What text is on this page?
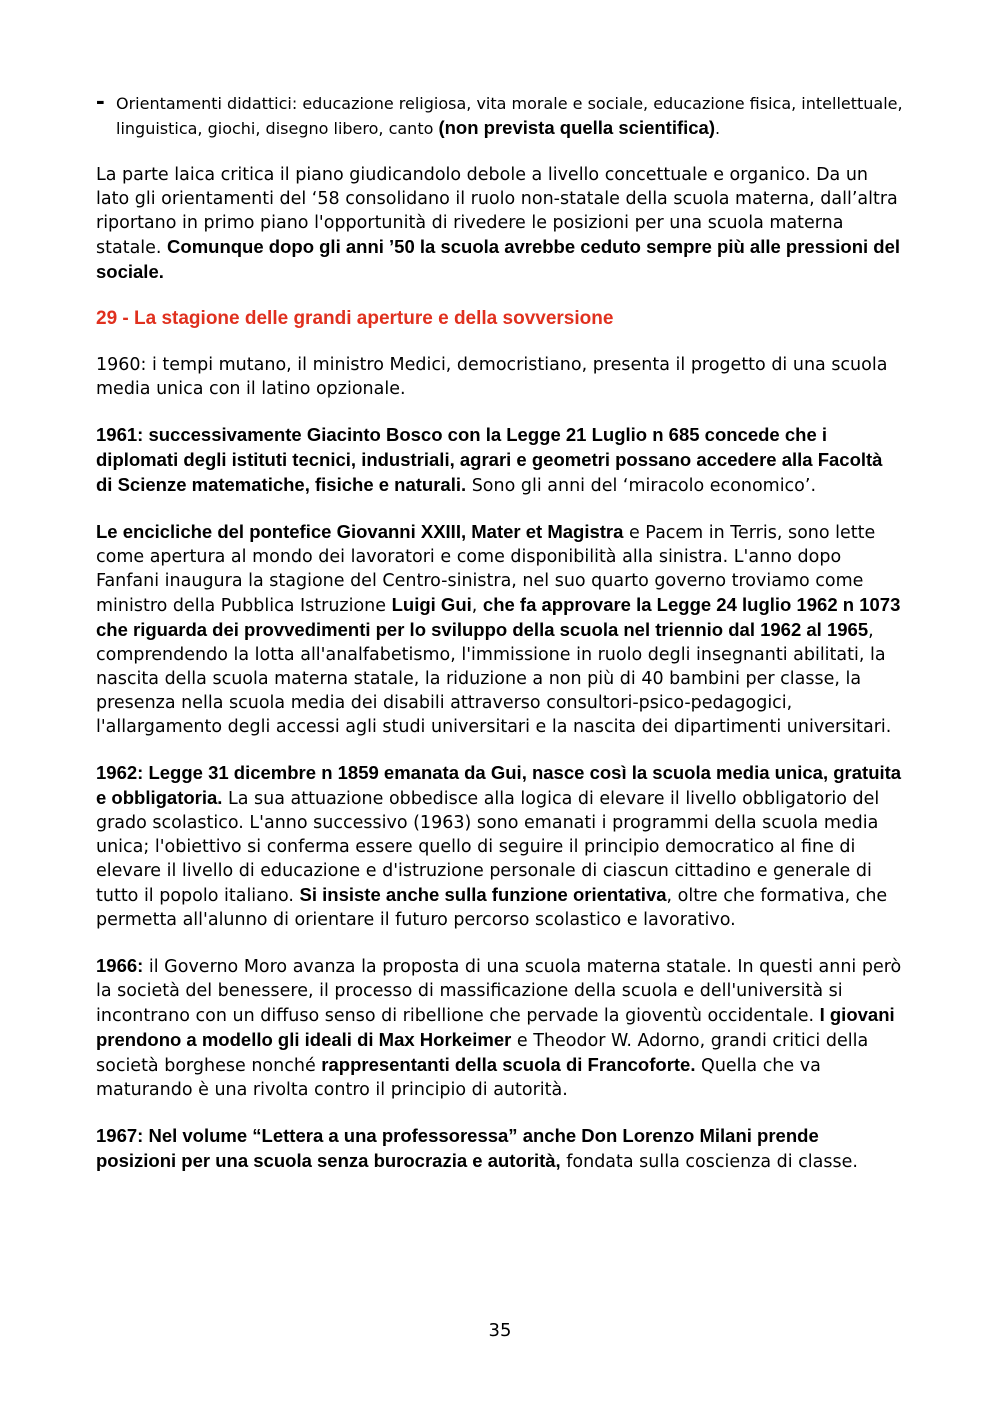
- Orientamenti didattici: educazione religiosa, vita morale e sociale, educazione fisica, intellettuale, linguistica, giochi, disegno libero, canto (non prevista quella scientifica).

La parte laica critica il piano giudicandolo debole a livello concettuale e organico. Da un lato gli orientamenti del ‘58 consolidano il ruolo non-statale della scuola materna, dall’altra riportano in primo piano l'opportunità di rivedere le posizioni per una scuola materna statale. Comunque dopo gli anni ’50 la scuola avrebbe ceduto sempre più alle pressioni del sociale.

29 - La stagione delle grandi aperture e della sovversione

1960: i tempi mutano, il ministro Medici, democristiano, presenta il progetto di una scuola media unica con il latino opzionale.

1961: successivamente Giacinto Bosco con la Legge 21 Luglio n 685 concede che i diplomati degli istituti tecnici, industriali, agrari e geometri possano accedere alla Facoltà di Scienze matematiche, fisiche e naturali. Sono gli anni del ‘miracolo economico’.

Le encicliche del pontefice Giovanni XXIII, Mater et Magistra e Pacem in Terris, sono lette come apertura al mondo dei lavoratori e come disponibilità alla sinistra. L'anno dopo Fanfani inaugura la stagione del Centro-sinistra, nel suo quarto governo troviamo come ministro della Pubblica Istruzione Luigi Gui, che fa approvare la Legge 24 luglio 1962 n 1073 che riguarda dei provvedimenti per lo sviluppo della scuola nel triennio dal 1962 al 1965, comprendendo la lotta all'analfabetismo, l'immissione in ruolo degli insegnanti abilitati, la nascita della scuola materna statale, la riduzione a non più di 40 bambini per classe, la presenza nella scuola media dei disabili attraverso consultori-psico-pedagogici, l'allargamento degli accessi agli studi universitari e la nascita dei dipartimenti universitari.

1962: Legge 31 dicembre n 1859 emanata da Gui, nasce così la scuola media unica, gratuita e obbligatoria. La sua attuazione obbedisce alla logica di elevare il livello obbligatorio del grado scolastico. L'anno successivo (1963) sono emanati i programmi della scuola media unica; l'obiettivo si conferma essere quello di seguire il principio democratico al fine di elevare il livello di educazione e d'istruzione personale di ciascun cittadino e generale di tutto il popolo italiano. Si insiste anche sulla funzione orientativa, oltre che formativa, che permetta all'alunno di orientare il futuro percorso scolastico e lavorativo.

1966: il Governo Moro avanza la proposta di una scuola materna statale. In questi anni però la società del benessere, il processo di massificazione della scuola e dell'università si incontrano con un diffuso senso di ribellione che pervade la gioventù occidentale. I giovani prendono a modello gli ideali di Max Horkeimer e Theodor W. Adorno, grandi critici della società borghese nonché rappresentanti della scuola di Francoforte. Quella che va maturando è una rivolta contro il principio di autorità.

1967: Nel volume “Lettera a una professoressa” anche Don Lorenzo Milani prende posizioni per una scuola senza burocrazia e autorità, fondata sulla coscienza di classe.

35
